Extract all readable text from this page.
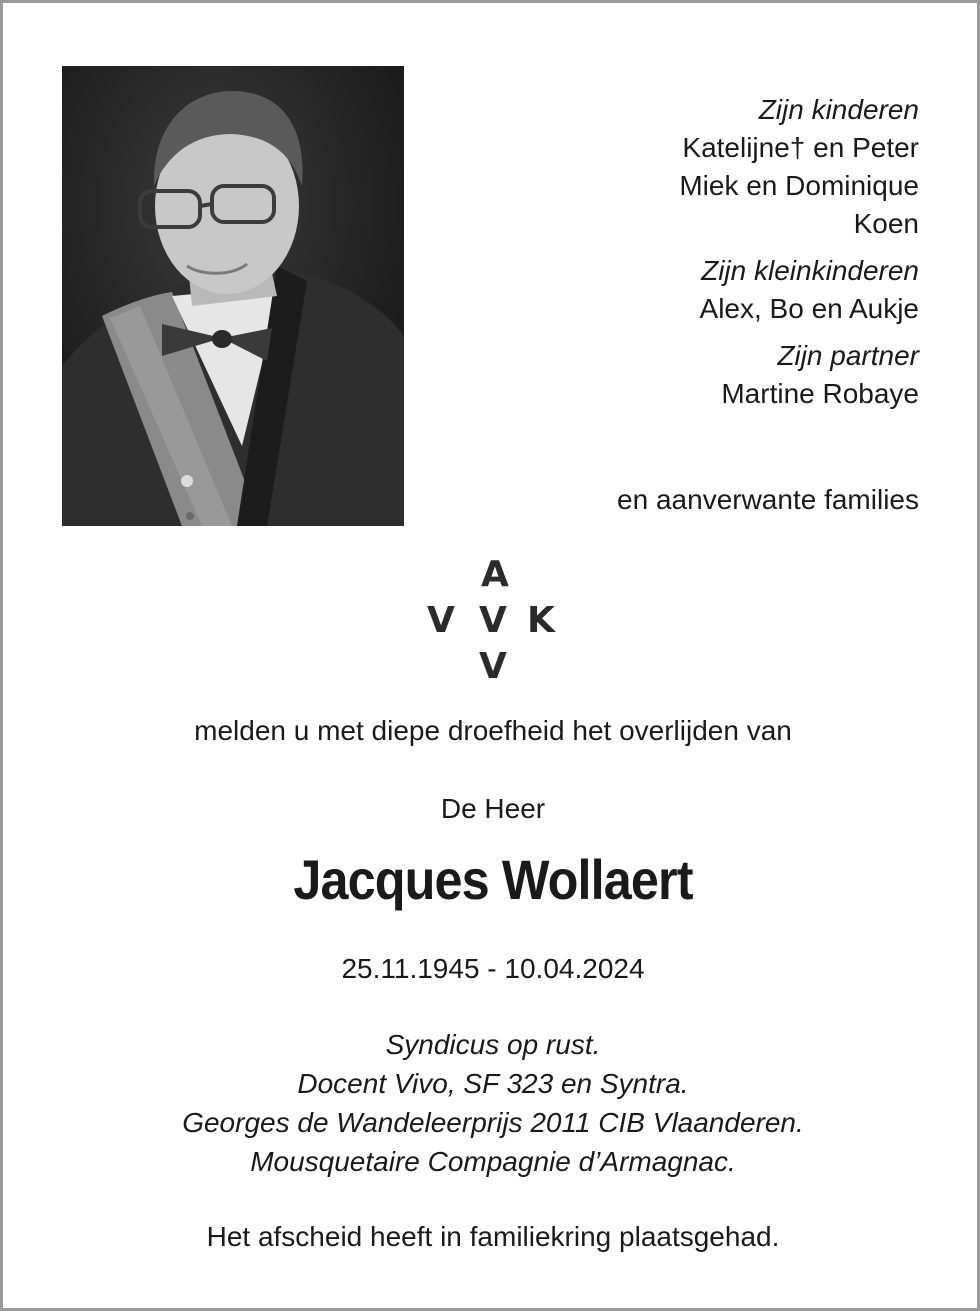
Zijn kinderen
Katelijne† en Peter
Miek en Dominique
Koen
Zijn kleinkinderen
Alex, Bo en Aukje
Zijn partner
Martine Robaye
en aanverwante families
A
V V K
V
melden u met diepe droefheid het overlijden van
De Heer
Jacques Wollaert
25.11.1945 - 10.04.2024
Syndicus op rust.
Docent Vivo, SF 323 en Syntra.
Georges de Wandeleerprijs 2011 CIB Vlaanderen.
Mousquetaire Compagnie d’Armagnac.
Het afscheid heeft in familiekring plaatsgehad.
